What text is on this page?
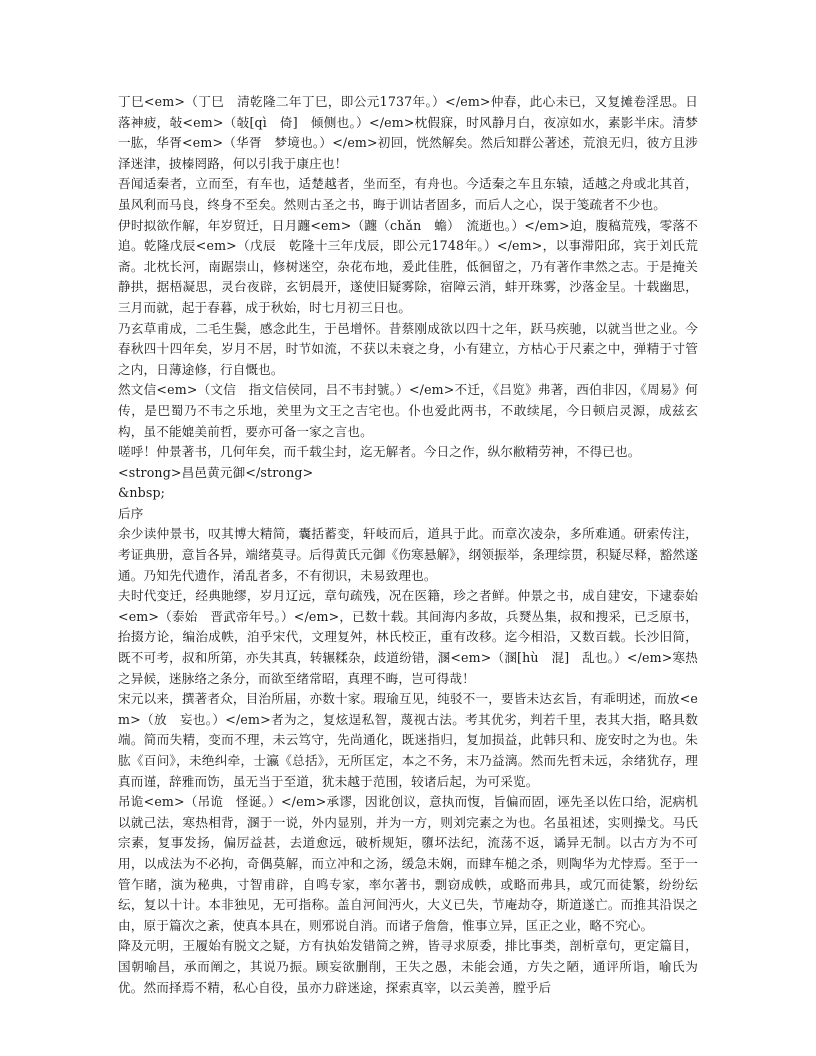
丁巳<em>（丁巳　清乾隆二年丁巳，即公元1737年。）</em>仲春，此心未已，又复摊卷淫思。日落神疲，敧<em>（敧[qì　倚]　倾侧也。）</em>枕假寐，时风静月白，夜凉如水，素影半床。清梦一肱，华胥<em>（华胥　梦境也。）</em>初回，恍然解矣。然后知群公著述，荒浪无归，彼方且涉泽迷津，披榛罔路，何以引我于康庄也！

吾闻适秦者，立而至，有车也，适楚越者，坐而至，有舟也。今适秦之车且东辕，适越之舟或北其首，虽风利而马良，终身不至矣。然则古圣之书，晦于训诂者固多，而后人之心，误于笺疏者不少也。

伊时拟欲作解，年岁贸迁，日月躔<em>（躔（chǎn　蟾）　流逝也。）</em>迫，腹稿荒残，零落不追。乾隆戊辰<em>（戊辰　乾隆十三年戊辰，即公元1748年。）</em>，以事滞阳邱，宾于刘氏荒斋。北枕长河，南踞崇山，修树迷空，杂花布地，爰此佳胜，低徊留之，乃有著作聿然之志。于是掩关静拱，据梧凝思，灵台夜辟，玄钥晨开，遂使旧疑雾除，宿障云消，蚌开珠雾，沙落金呈。十载幽思，三月而就，起于春暮，成于秋始，时七月初三日也。

乃玄草甫成，二毛生鬓，感念此生，于邑增怀。昔蔡刚成欲以四十之年，跃马疾驰，以就当世之业。今春秋四十四年矣，岁月不居，时节如流，不获以未衰之身，小有建立，方枯心于尺素之中，弹精于寸管之内，日薄途修，行自慨也。

然文信<em>（文信　指文信侯同，吕不韦封號。）</em>不迁，《吕览》弗著，西伯非囚，《周易》何传，是巴蜀乃不韦之乐地，羑里为文王之吉宅也。仆也爱此两书，不敢续尾，今日顿启灵源，成兹玄构，虽不能媲美前哲，要亦可备一家之言也。

嗟呼！仲景著书，几何年矣，而千载尘封，迄无解者。今日之作，纵尔敝精劳神，不得已也。

<strong>昌邑黄元御</strong>

&nbsp;

后序

余少读仲景书，叹其博大精简，囊括蓄变，轩岐而后，道具于此。而章次凌杂，多所难通。研索传注，考证典册，意旨各异，端绪莫寻。后得黄氏元御《伤寒悬解》，纲领振举，条理综贯，积疑尽释，豁然遂通。乃知先代遗作，淆乱者多，不有彻识，未易致理也。

夫时代变迁，经典貤缪，岁月辽远，章句疏残，况在医籍，珍之者鲜。仲景之书，成自建安，下逮泰始<em>（泰始　晋武帝年号。）</em>，已数十载。其间海内多故，兵燹丛集，叔和搜采，已乏原书，抬掇方论，编治成帙，洎乎宋代，文理复舛，林氏校正，重有改移。迄今相沿，又数百载。长沙旧简，既不可考，叔和所第，亦失其真，转辗糅杂，歧道纷错，溷<em>（溷[hù　混]　乱也。）</em>寒热之异候，迷脉络之条分，而欲至绪常昭，真理不晦，岂可得哉！

宋元以来，撰著者众，目治所届，亦数十家。瑕瑜互见，纯驳不一，要皆未达玄旨，有乖明述，而放<em>（放　妄也。）</em>者为之，复炫逞私智，蔑视古法。考其优劣，判若千里，表其大指，略具数端。简而失精，变而不理，未云笃守，先尚通化，既迷指归，复加损益，此韩只和、庞安时之为也。朱肱《百问》，未绝纠牵，士瀛《总括》，无所匡定，本之不务，末乃益漓。然而先哲未远，余绪犹存，理真而谨，辞雅而饬，虽无当于至道，犹未越于范围，较诸后起，为可采览。

吊诡<em>（吊诡　怪诞。）</em>承谬，因讹创议，意执而愎，旨偏而固，诬先圣以佐口给，泥病机以就己法，寒热相背，溷于一说，外内显别，并为一方，则刘完素之为也。名虽祖述，实则操戈。马氏宗素，复事发扬，偏厉益甚，去道愈远，破析规矩，隳坏法纪，流荡不返，谲异无制。以古方为不可用，以成法为不必拘，奇偶莫解，而立冲和之汤，缓急未娴，而肆车槌之杀，则陶华为尤悖焉。至于一管乍睹，演为秘典，寸智甫辟，自鸣专家，率尔著书，剽窃成帙，或略而弗具，或冗而徒繁，纷纷纭纭，复以十计。本非独见，无可指称。盖自河间沔火，大义已失，节庵劫夺，斯道遂亡。而推其沿误之由，原于篇次之紊，使真本具在，则邪说自消。而诸子詹詹，惟事立异，匡正之业，略不究心。

降及元明，王履始有脱文之疑，方有执始发错简之辨，皆寻求原委，排比事类，剖析章句，更定篇目，国朝喻昌，承而阐之，其说乃振。顾妄欲删削，王失之愚，未能会通，方失之陋，通评所诣，喻氏为优。然而择焉不精，私心自役，虽亦力辟迷途，探索真宰，以云美善，膛乎后
